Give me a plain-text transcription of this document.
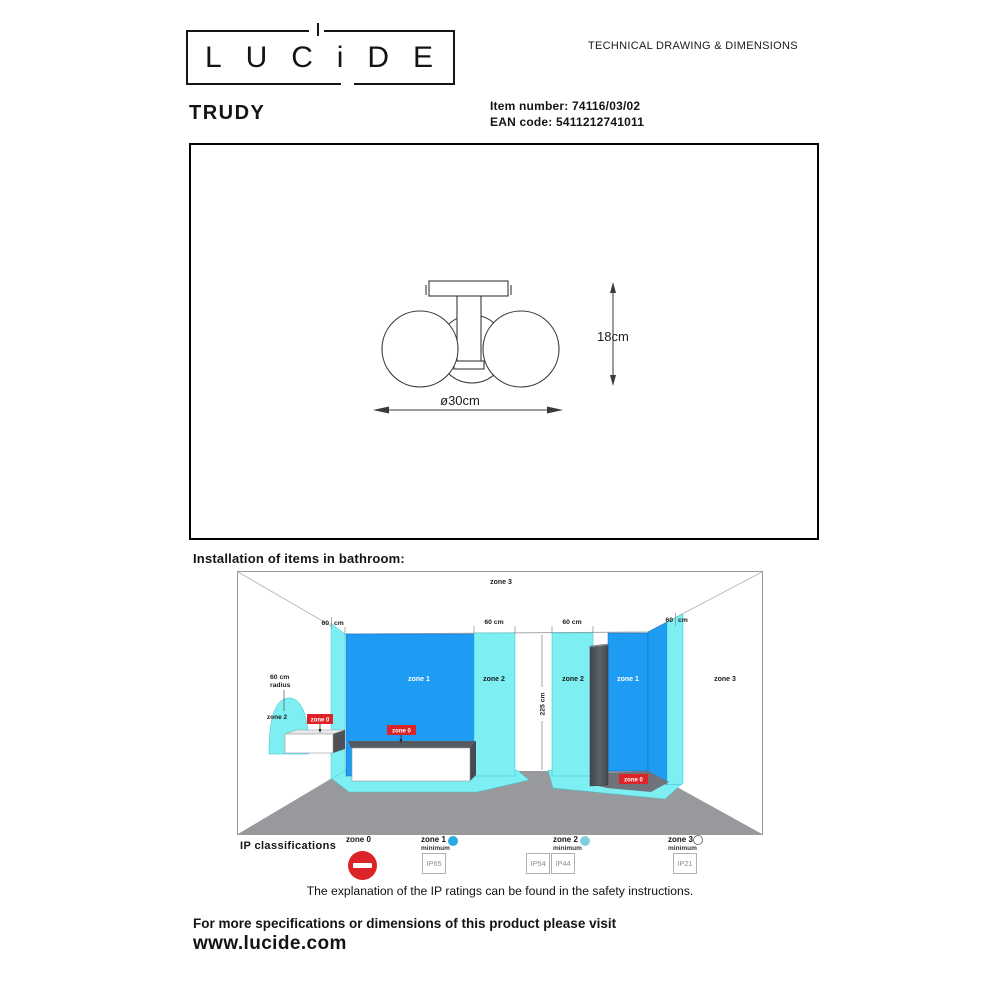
L U C i D E	TECHNICAL DRAWING & DIMENSIONS
TRUDY	Item number: 74116/03/02
EAN code: 5411212741011
18cm
ø30cm
Installation of items in bathroom:
225 cm
60 cm
radius
zone 2
60 cm	60 cm	60 cm	60 cm
zone 3
zone 1	zone 2	zone 2	zone 1	zone 3
zone 0
zone 0
zone 0
IP classifications
zone 0	zone 1
minimum
IP65
zone 2
minimum
IP54	IP44
zone 3
minimum
IP21
The explanation of the IP ratings can be found in the safety instructions.
For more specifications or dimensions of this product please visit
www.lucide.com
